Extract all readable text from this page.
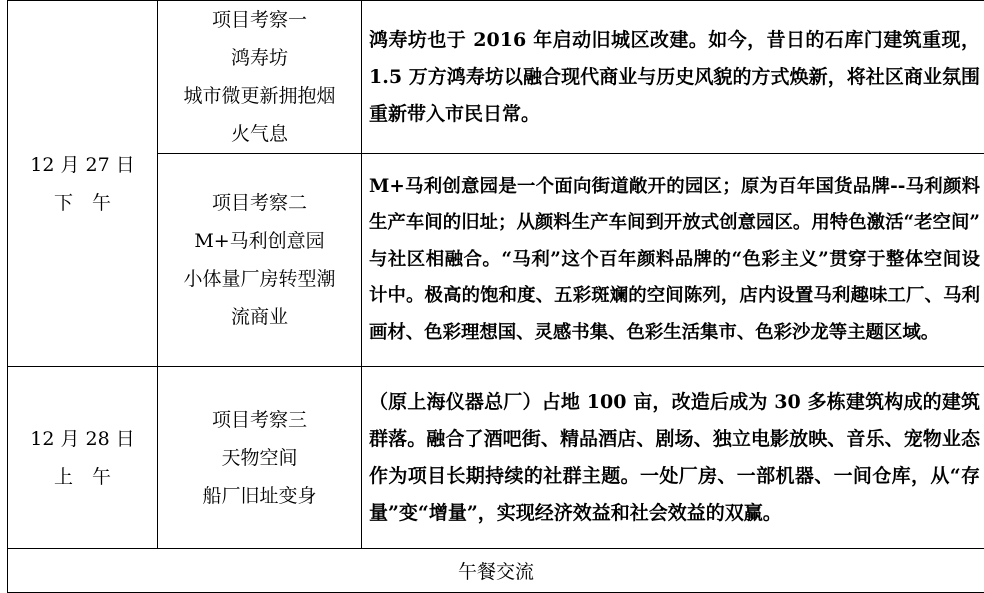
12 月 27 日
下　午	项目考察一
鸿寿坊
城市微更新拥抱烟
火气息	鸿寿坊也于 2016 年启动旧城区改建。如今，昔日的石库门建筑重现，1.5 万方鸿寿坊以融合现代商业与历史风貌的方式焕新，将社区商业氛围重新带入市民日常。

	项目考察二
M+马利创意园
小体量厂房转型潮
流商业	M+马利创意园是一个面向街道敞开的园区；原为百年国货品牌--马利颜料生产车间的旧址；从颜料生产车间到开放式创意园区。用特色激活“老空间” 与社区相融合。“马利”这个百年颜料品牌的“色彩主义”贯穿于整体空间设计中。极高的饱和度、五彩斑斓的空间陈列，店内设置马利趣味工厂、马利画材、色彩理想国、灵感书集、色彩生活集市、色彩沙龙等主题区域。

12 月 28 日
上　午	项目考察三
天物空间
船厂旧址变身	（原上海仪器总厂）占地 100 亩，改造后成为 30 多栋建筑构成的建筑群落。融合了酒吧街、精品酒店、剧场、独立电影放映、音乐、宠物业态作为项目长期持续的社群主题。一处厂房、一部机器、一间仓库，从“存量”变“增量”，实现经济效益和社会效益的双赢。
午餐交流		
